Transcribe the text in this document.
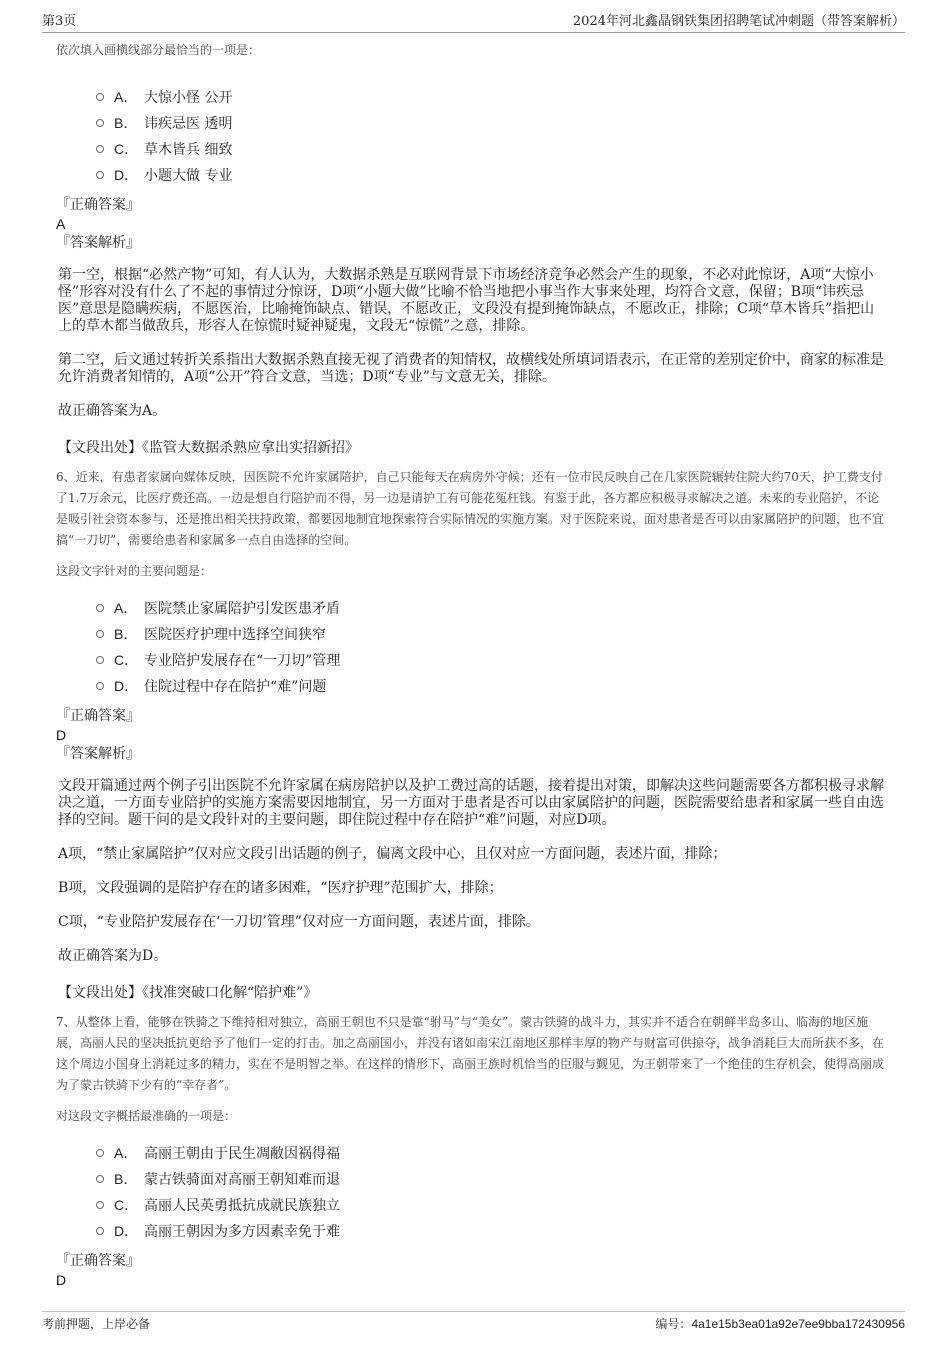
第3页	2024年河北鑫晶钢铁集团招聘笔试冲刺题（带答案解析）

依次填入画横线部分最恰当的一项是：

A． 大惊小怪 公开
B． 讳疾忌医 透明
C． 草木皆兵 细致
D． 小题大做 专业

『正确答案』

A

『答案解析』

第一空，根据“必然产物”可知，有人认为，大数据杀熟是互联网背景下市场经济竞争必然会产生的现象，不必对此惊讶，A项“大惊小怪”形容对没有什么了不起的事情过分惊讶，D项“小题大做”比喻不恰当地把小事当作大事来处理，均符合文意，保留；B项“讳疾忌医”意思是隐瞒疾病，不愿医治，比喻掩饰缺点、错误，不愿改正，文段没有提到掩饰缺点，不愿改正，排除；C项“草木皆兵”指把山上的草木都当做敌兵，形容人在惊慌时疑神疑鬼，文段无“惊慌”之意，排除。

第二空，后文通过转折关系指出大数据杀熟直接无视了消费者的知情权，故横线处所填词语表示，在正常的差别定价中，商家的标准是允许消费者知情的，A项“公开”符合文意，当选；D项“专业”与文意无关，排除。

故正确答案为A。

【文段出处】《监管大数据杀熟应拿出实招新招》

6、近来，有患者家属向媒体反映，因医院不允许家属陪护，自己只能每天在病房外守候；还有一位市民反映自己在几家医院辗转住院大约70天，护工费支付了1.7万余元，比医疗费还高。一边是想自行陪护而不得，另一边是请护工有可能花冤枉钱。有鉴于此，各方都应积极寻求解决之道。未来的专业陪护，不论是吸引社会资本参与，还是推出相关扶持政策，都要因地制宜地探索符合实际情况的实施方案。对于医院来说，面对患者是否可以由家属陪护的问题，也不宜搞“一刀切”，需要给患者和家属多一点自由选择的空间。

这段文字针对的主要问题是：

A． 医院禁止家属陪护引发医患矛盾
B． 医院医疗护理中选择空间狭窄
C． 专业陪护发展存在“一刀切”管理
D． 住院过程中存在陪护“难”问题

『正确答案』

D

『答案解析』

文段开篇通过两个例子引出医院不允许家属在病房陪护以及护工费过高的话题，接着提出对策，即解决这些问题需要各方都积极寻求解决之道，一方面专业陪护的实施方案需要因地制宜，另一方面对于患者是否可以由家属陪护的问题，医院需要给患者和家属一些自由选择的空间。题干问的是文段针对的主要问题，即住院过程中存在陪护“难”问题，对应D项。

A项，“禁止家属陪护”仅对应文段引出话题的例子，偏离文段中心，且仅对应一方面问题，表述片面，排除；

B项，文段强调的是陪护存在的诸多困难，“医疗护理”范围扩大，排除；

C项，“专业陪护发展存在‘一刀切’管理”仅对应一方面问题，表述片面，排除。

故正确答案为D。

【文段出处】《找准突破口化解“陪护难”》

7、从整体上看，能够在铁骑之下维持相对独立，高丽王朝也不只是靠“驸马”与“美女”。蒙古铁骑的战斗力，其实并不适合在朝鲜半岛多山、临海的地区施展，高丽人民的坚决抵抗更给予了他们一定的打击。加之高丽国小，并没有诸如南宋江南地区那样丰厚的物产与财富可供掠夺，战争消耗巨大而所获不多，在这个周边小国身上消耗过多的精力，实在不是明智之举。在这样的情形下，高丽王族时机恰当的臣服与觐见，为王朝带来了一个绝佳的生存机会，使得高丽成为了蒙古铁骑下少有的“幸存者”。

对这段文字概括最准确的一项是：

A． 高丽王朝由于民生凋敝因祸得福
B． 蒙古铁骑面对高丽王朝知难而退
C． 高丽人民英勇抵抗成就民族独立
D． 高丽王朝因为多方因素幸免于难

『正确答案』

D

考前押题，上岸必备	编号：4a1e15b3ea01a92e7ee9bba172430956
